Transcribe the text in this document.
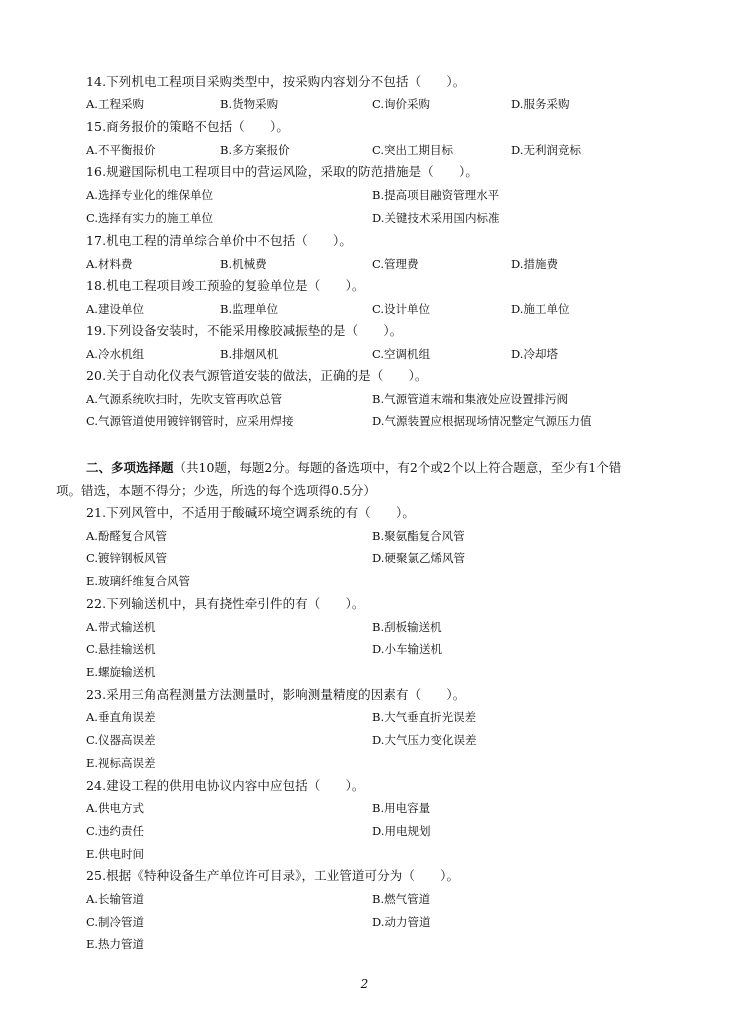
14.下列机电工程项目采购类型中，按采购内容划分不包括（　　）。
A.工程采购	B.货物采购	C.询价采购	D.服务采购
15.商务报价的策略不包括（　　）。
A.不平衡报价	B.多方案报价	C.突出工期目标	D.无利润竞标
16.规避国际机电工程项目中的营运风险，采取的防范措施是（　　）。
A.选择专业化的维保单位	B.提高项目融资管理水平
C.选择有实力的施工单位	D.关键技术采用国内标准
17.机电工程的清单综合单价中不包括（　　）。
A.材料费	B.机械费	C.管理费	D.措施费
18.机电工程项目竣工预验的复验单位是（　　）。
A.建设单位	B.监理单位	C.设计单位	D.施工单位
19.下列设备安装时，不能采用橡胶减振垫的是（　　）。
A.冷水机组	B.排烟风机	C.空调机组	D.冷却塔
20.关于自动化仪表气源管道安装的做法，正确的是（　　）。
A.气源系统吹扫时，先吹支管再吹总管	B.气源管道末端和集液处应设置排污阀
C.气源管道使用镀锌钢管时，应采用焊接	D.气源装置应根据现场情况整定气源压力值
二、多项选择题（共10题，每题2分。每题的备选项中，有2个或2个以上符合题意，至少有1个错
项。错选，本题不得分；少选，所选的每个选项得0.5分）
21.下列风管中，不适用于酸碱环境空调系统的有（　　）。
A.酚醛复合风管	B.聚氨酯复合风管
C.镀锌钢板风管	D.硬聚氯乙烯风管
E.玻璃纤维复合风管
22.下列输送机中，具有挠性牵引件的有（　　）。
A.带式输送机	B.刮板输送机
C.悬挂输送机	D.小车输送机
E.螺旋输送机
23.采用三角高程测量方法测量时，影响测量精度的因素有（　　）。
A.垂直角误差	B.大气垂直折光误差
C.仪器高误差	D.大气压力变化误差
E.视标高误差
24.建设工程的供用电协议内容中应包括（　　）。
A.供电方式	B.用电容量
C.违约责任	D.用电规划
E.供电时间
25.根据《特种设备生产单位许可目录》，工业管道可分为（　　）。
A.长输管道	B.燃气管道
C.制冷管道	D.动力管道
E.热力管道
2
